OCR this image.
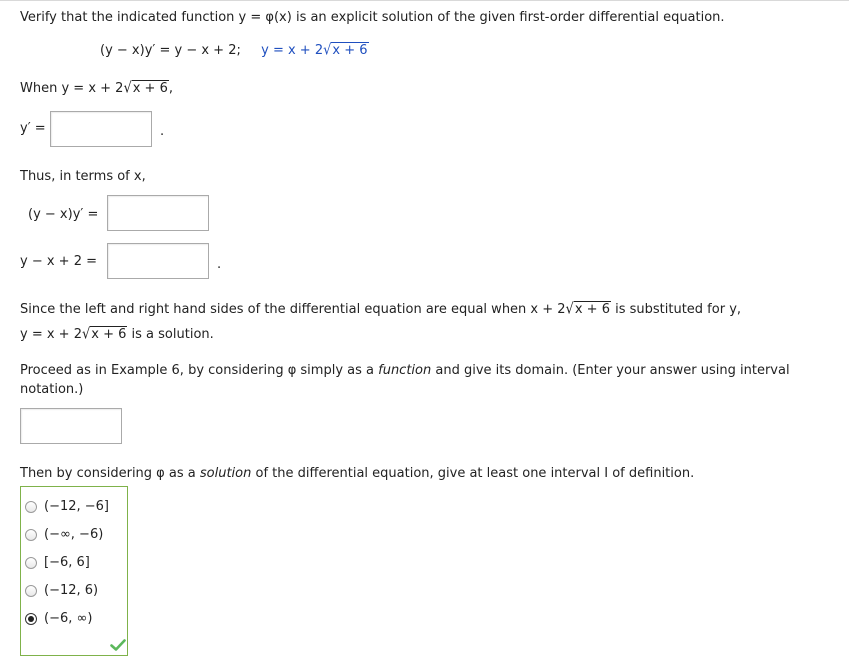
Verify that the indicated function y = φ(x) is an explicit solution of the given first-order differential equation.
(y − x)y′ = y − x + 2; y = x + 2√x + 6
When y = x + 2√x + 6,
y′ =	.
Thus, in terms of x,
(y − x)y′ =
y − x + 2 =	.
Since the left and right hand sides of the differential equation are equal when x + 2√x + 6 is substituted for y,
y = x + 2√x + 6 is a solution.
Proceed as in Example 6, by considering φ simply as a function and give its domain. (Enter your answer using interval
notation.)
Then by considering φ as a solution of the differential equation, give at least one interval I of definition.
(−12, −6]
(−∞, −6)
[−6, 6]
(−12, 6)
(−6, ∞)
